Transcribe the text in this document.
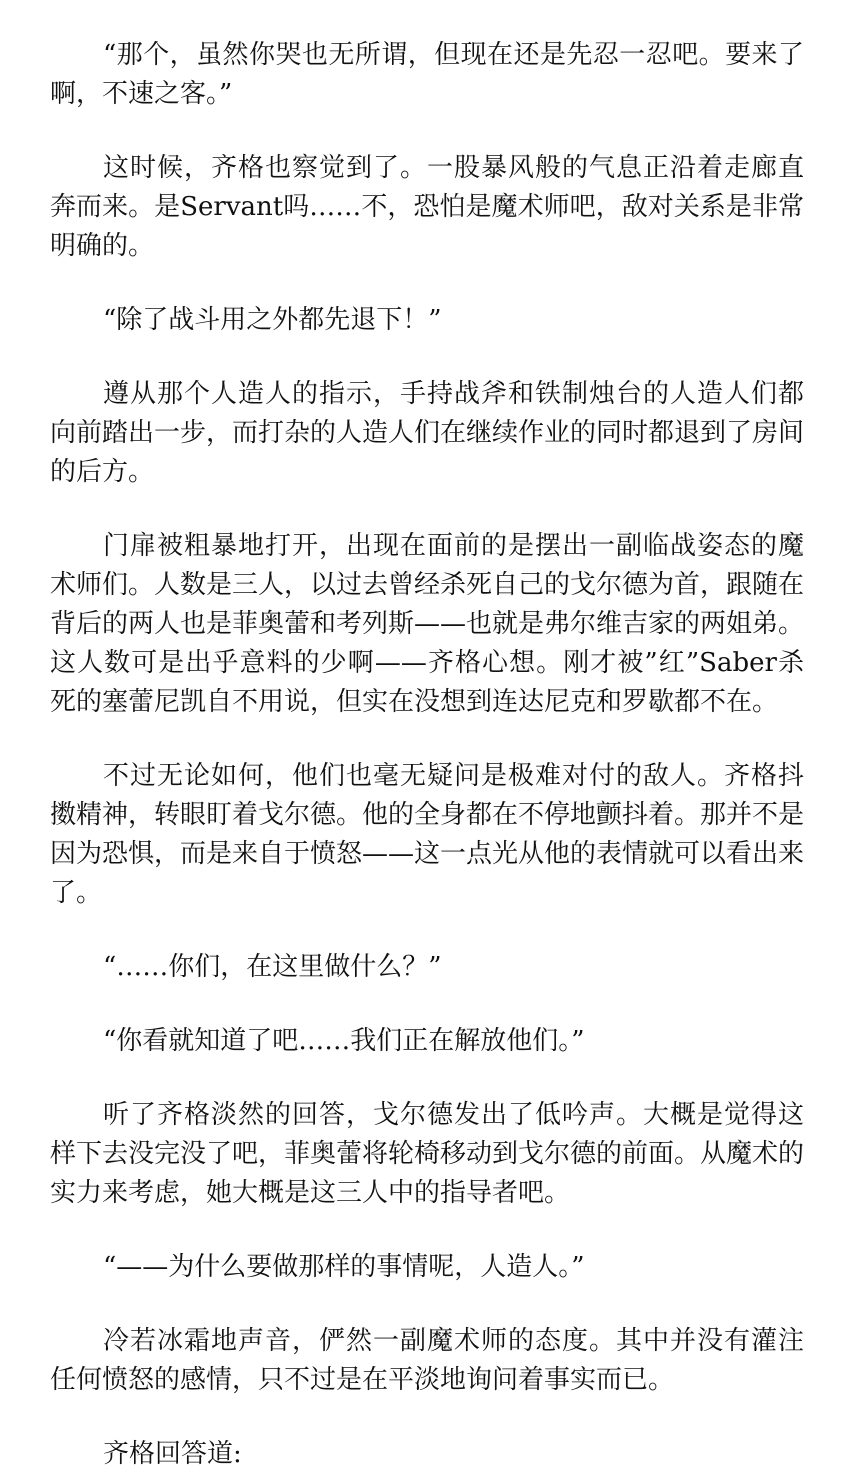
“那个，虽然你哭也无所谓，但现在还是先忍一忍吧。要来了啊，不速之客。”

这时候，齐格也察觉到了。一股暴风般的气息正沿着走廊直奔而来。是Servant吗……不，恐怕是魔术师吧，敌对关系是非常明确的。

“除了战斗用之外都先退下！”

遵从那个人造人的指示，手持战斧和铁制烛台的人造人们都向前踏出一步，而打杂的人造人们在继续作业的同时都退到了房间的后方。

门扉被粗暴地打开，出现在面前的是摆出一副临战姿态的魔术师们。人数是三人，以过去曾经杀死自己的戈尔德为首，跟随在背后的两人也是菲奥蕾和考列斯——也就是弗尔维吉家的两姐弟。这人数可是出乎意料的少啊——齐格心想。刚才被”红”Saber杀死的塞蕾尼凯自不用说，但实在没想到连达尼克和罗歇都不在。

不过无论如何，他们也毫无疑问是极难对付的敌人。齐格抖擞精神，转眼盯着戈尔德。他的全身都在不停地颤抖着。那并不是因为恐惧，而是来自于愤怒——这一点光从他的表情就可以看出来了。

“……你们，在这里做什么？”

“你看就知道了吧……我们正在解放他们。”

听了齐格淡然的回答，戈尔德发出了低吟声。大概是觉得这样下去没完没了吧，菲奥蕾将轮椅移动到戈尔德的前面。从魔术的实力来考虑，她大概是这三人中的指导者吧。

“——为什么要做那样的事情呢，人造人。”

冷若冰霜地声音，俨然一副魔术师的态度。其中并没有灌注任何愤怒的感情，只不过是在平淡地询问着事实而已。

齐格回答道:
